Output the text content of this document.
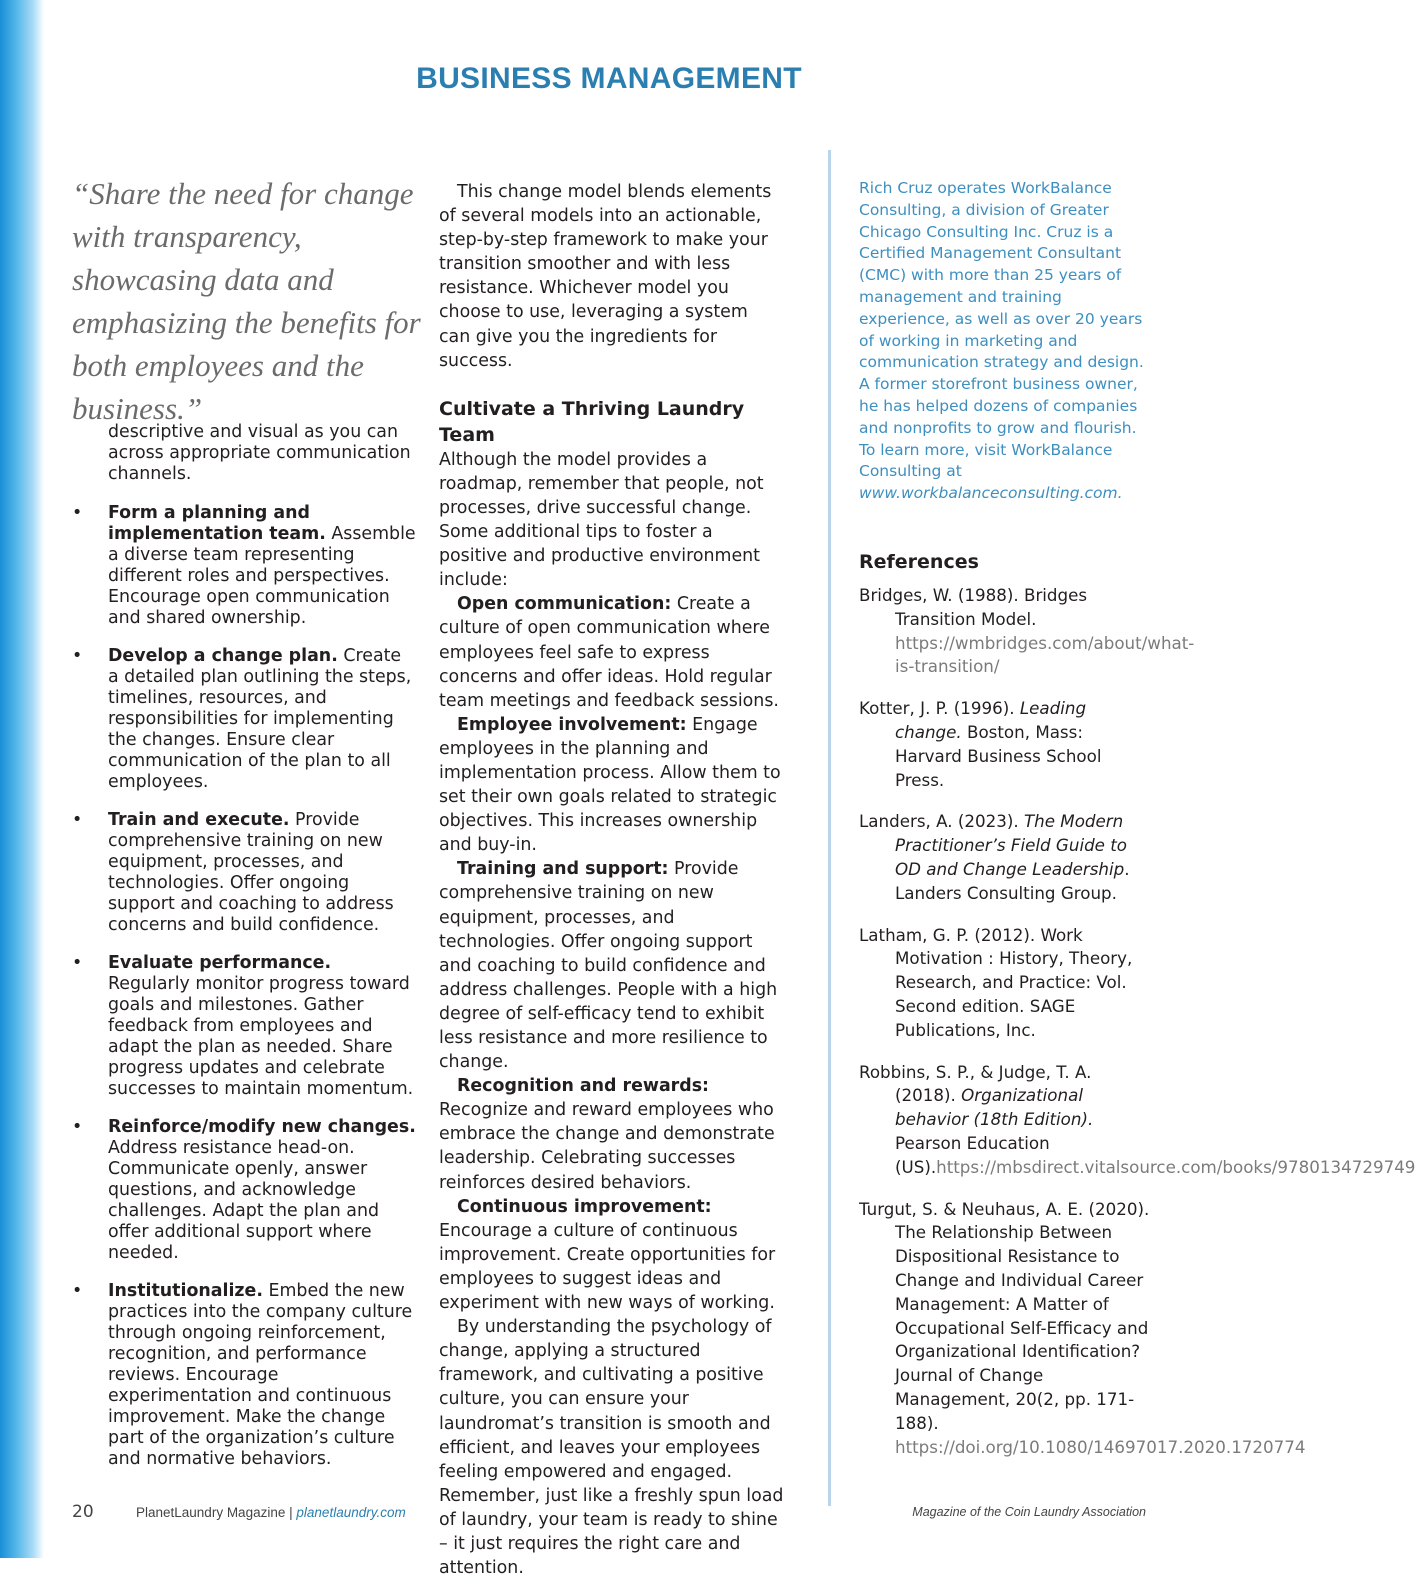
BUSINESS MANAGEMENT

“Share the need for change with transparency, showcasing data and emphasizing the benefits for both employees and the business.”

descriptive and visual as you can across appropriate communication channels.

• Form a planning and implementation team. Assemble a diverse team representing different roles and perspectives. Encourage open communication and shared ownership.
• Develop a change plan. Create a detailed plan outlining the steps, timelines, resources, and responsibilities for implementing the changes. Ensure clear communication of the plan to all employees.
• Train and execute. Provide comprehensive training on new equipment, processes, and technologies. Offer ongoing support and coaching to address concerns and build confidence.
• Evaluate performance. Regularly monitor progress toward goals and milestones. Gather feedback from employees and adapt the plan as needed. Share progress updates and celebrate successes to maintain momentum.
• Reinforce/modify new changes. Address resistance head-on. Communicate openly, answer questions, and acknowledge challenges. Adapt the plan and offer additional support where needed.
• Institutionalize. Embed the new practices into the company culture through ongoing reinforcement, recognition, and performance reviews. Encourage experimentation and continuous improvement. Make the change part of the organization’s culture and normative behaviors.

This change model blends elements of several models into an actionable, step-by-step framework to make your transition smoother and with less resistance. Whichever model you choose to use, leveraging a system can give you the ingredients for success.

Cultivate a Thriving Laundry Team

Although the model provides a roadmap, remember that people, not processes, drive successful change. Some additional tips to foster a positive and productive environment include:

Open communication: Create a culture of open communication where employees feel safe to express concerns and offer ideas. Hold regular team meetings and feedback sessions.

Employee involvement: Engage employees in the planning and implementation process. Allow them to set their own goals related to strategic objectives. This increases ownership and buy-in.

Training and support: Provide comprehensive training on new equipment, processes, and technologies. Offer ongoing support and coaching to build confidence and address challenges. People with a high degree of self-efficacy tend to exhibit less resistance and more resilience to change.

Recognition and rewards: Recognize and reward employees who embrace the change and demonstrate leadership. Celebrating successes reinforces desired behaviors.

Continuous improvement: Encourage a culture of continuous improvement. Create opportunities for employees to suggest ideas and experiment with new ways of working.

By understanding the psychology of change, applying a structured framework, and cultivating a positive culture, you can ensure your laundromat’s transition is smooth and efficient, and leaves your employees feeling empowered and engaged. Remember, just like a freshly spun load of laundry, your team is ready to shine – it just requires the right care and attention.

Rich Cruz operates WorkBalance Consulting, a division of Greater Chicago Consulting Inc. Cruz is a Certified Management Consultant (CMC) with more than 25 years of management and training experience, as well as over 20 years of working in marketing and communication strategy and design. A former storefront business owner, he has helped dozens of companies and nonprofits to grow and flourish. To learn more, visit WorkBalance Consulting at www.workbalanceconsulting.com.
References
Bridges, W. (1988). Bridges Transition Model. https://wmbridges.com/about/what-is-transition/
Kotter, J. P. (1996). Leading change. Boston, Mass: Harvard Business School Press.
Landers, A. (2023). The Modern Practitioner’s Field Guide to OD and Change Leadership. Landers Consulting Group.
Latham, G. P. (2012). Work Motivation : History, Theory, Research, and Practice: Vol. Second edition. SAGE Publications, Inc.
Robbins, S. P., & Judge, T. A. (2018). Organizational behavior (18th Edition). Pearson Education (US).https://mbsdirect.vitalsource.com/books/9780134729749
Turgut, S. & Neuhaus, A. E. (2020). The Relationship Between Dispositional Resistance to Change and Individual Career Management: A Matter of Occupational Self-Efficacy and Organizational Identification? Journal of Change Management, 20(2, pp. 171-188). https://doi.org/10.1080/14697017.2020.1720774
20	PlanetLaundry Magazine | planetlaundry.com	Magazine of the Coin Laundry Association
